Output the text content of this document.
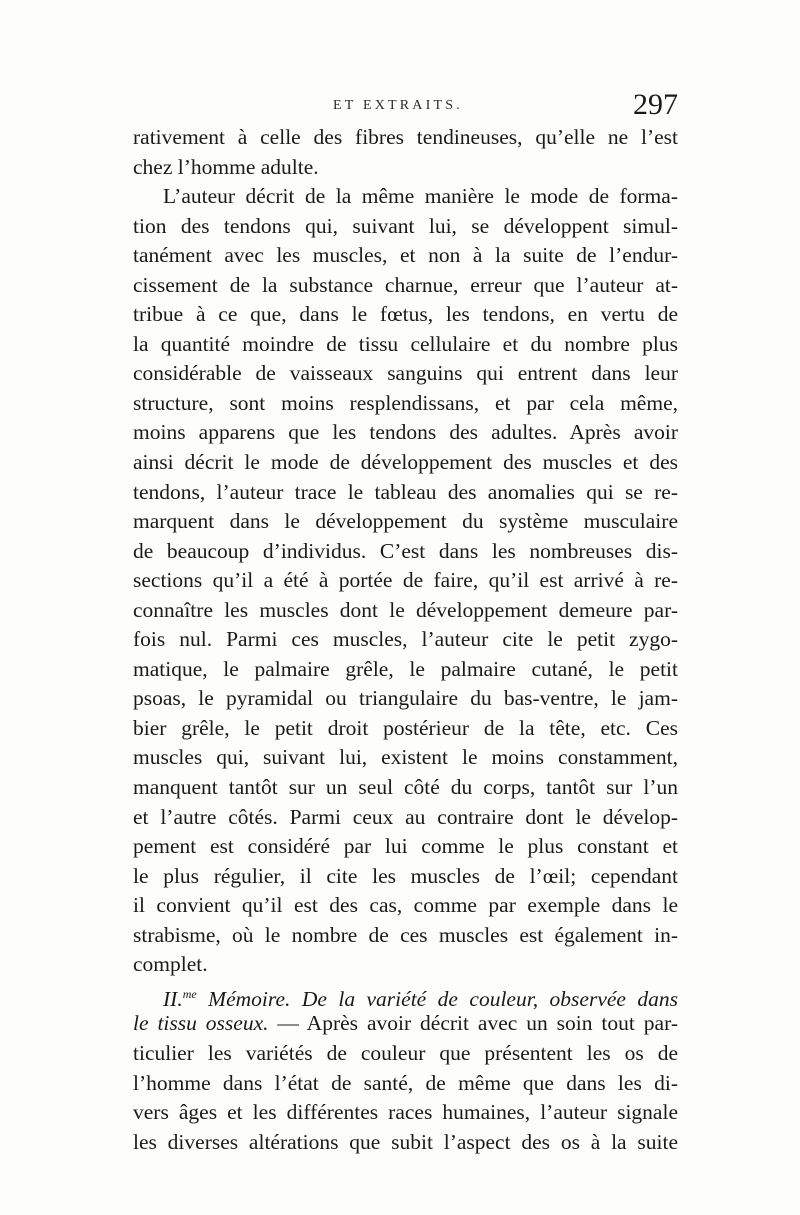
ET EXTRAITS.	297
rativement à celle des fibres tendineuses, qu’elle ne l’est
chez l’homme adulte.
L’auteur décrit de la même manière le mode de forma-
tion des tendons qui, suivant lui, se développent simul-
tanément avec les muscles, et non à la suite de l’endur-
cissement de la substance charnue, erreur que l’auteur at-
tribue à ce que, dans le fœtus, les tendons, en vertu de
la quantité moindre de tissu cellulaire et du nombre plus
considérable de vaisseaux sanguins qui entrent dans leur
structure, sont moins resplendissans, et par cela même,
moins apparens que les tendons des adultes. Après avoir
ainsi décrit le mode de développement des muscles et des
tendons, l’auteur trace le tableau des anomalies qui se re-
marquent dans le développement du système musculaire
de beaucoup d’individus. C’est dans les nombreuses dis-
sections qu’il a été à portée de faire, qu’il est arrivé à re-
connaître les muscles dont le développement demeure par-
fois nul. Parmi ces muscles, l’auteur cite le petit zygo-
matique, le palmaire grêle, le palmaire cutané, le petit
psoas, le pyramidal ou triangulaire du bas-ventre, le jam-
bier grêle, le petit droit postérieur de la tête, etc. Ces
muscles qui, suivant lui, existent le moins constamment,
manquent tantôt sur un seul côté du corps, tantôt sur l’un
et l’autre côtés. Parmi ceux au contraire dont le dévelop-
pement est considéré par lui comme le plus constant et
le plus régulier, il cite les muscles de l’œil; cependant
il convient qu’il est des cas, comme par exemple dans le
strabisme, où le nombre de ces muscles est également in-
complet.
II.$^{me}$ Mémoire. De la variété de couleur, observée dans
le tissu osseux. — Après avoir décrit avec un soin tout par-
ticulier les variétés de couleur que présentent les os de
l’homme dans l’état de santé, de même que dans les di-
vers âges et les différentes races humaines, l’auteur signale
les diverses altérations que subit l’aspect des os à la suite
